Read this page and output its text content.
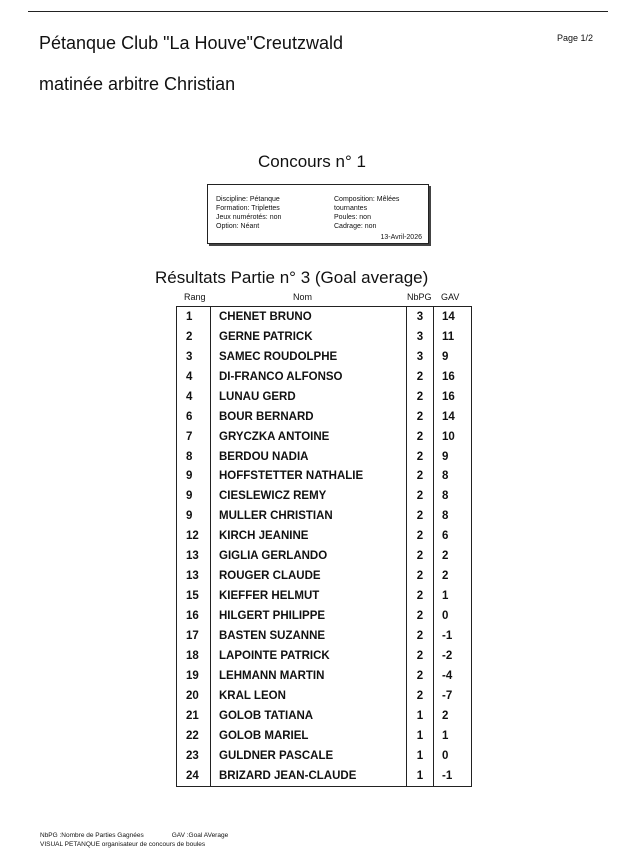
Pétanque Club "La Houve"Creutzwald
matinée arbitre Christian
Page 1/2
Concours n° 1
Discipline: Pétanque
Formation: Triplettes
Jeux numérotés: non
Option: Néant
Composition: Mêlées tournantes
Poules: non
Cadrage: non
13-Avril-2026
Résultats Partie n° 3 (Goal average)
Rang	Nom	NbPG GAV
1	CHENET BRUNO	3	14
2	GERNE PATRICK	3	11
3	SAMEC ROUDOLPHE	3	9
4	DI-FRANCO ALFONSO	2	16
4	LUNAU GERD	2	16
6	BOUR BERNARD	2	14
7	GRYCZKA ANTOINE	2	10
8	BERDOU NADIA	2	9
9	HOFFSTETTER NATHALIE	2	8
9	CIESLEWICZ REMY	2	8
9	MULLER CHRISTIAN	2	8
12	KIRCH JEANINE	2	6
13	GIGLIA GERLANDO	2	2
13	ROUGER CLAUDE	2	2
15	KIEFFER HELMUT	2	1
16	HILGERT PHILIPPE	2	0
17	BASTEN SUZANNE	2	-1
18	LAPOINTE PATRICK	2	-2
19	LEHMANN MARTIN	2	-4
20	KRAL LEON	2	-7
21	GOLOB TATIANA	1	2
22	GOLOB MARIEL	1	1
23	GULDNER PASCALE	1	0
24	BRIZARD JEAN-CLAUDE	1	-1
NbPG :Nombre de Parties Gagnées	GAV :Goal AVerage
VISUAL PETANQUE organisateur de concours de boules
